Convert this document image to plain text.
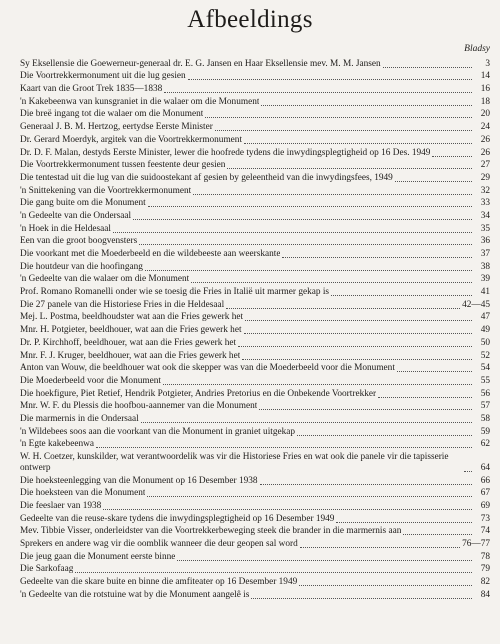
Afbeeldings
Bladsy
Sy Eksellensie die Goewerneur-generaal dr. E. G. Jansen en Haar Eksellensie mev. M. M. Jansen	3
Die Voortrekkermonument uit die lug gesien	14
Kaart van die Groot Trek 1835—1838	16
'n Kakebeenwa van kunsgraniet in die walaer om die Monument	18
Die breë ingang tot die walaer om die Monument	20
Generaal J. B. M. Hertzog, eertydse Eerste Minister	24
Dr. Gerard Moerdyk, argitek van die Voortrekkermonument	26
Dr. D. F. Malan, destyds Eerste Minister, lewer die hoofrede tydens die inwydingsplegtigheid op 16 Des. 1949	26
Die Voortrekkermonument tussen feestente deur gesien	27
Die tentestad uit die lug van die suidoostekant af gesien by geleentheid van die inwydingsfees, 1949	29
'n Snittekening van die Voortrekkermonument	32
Die gang buite om die Monument	33
'n Gedeelte van die Ondersaal	34
'n Hoek in die Heldesaal	35
Een van die groot boogvensters	36
Die voorkant met die Moederbeeld en die wildebeeste aan weerskante	37
Die houtdeur van die hoofingang	38
'n Gedeelte van die walaer om die Monument	39
Prof. Romano Romanelli onder wie se toesig die Fries in Italië uit marmer gekap is	41
Die 27 panele van die Historiese Fries in die Heldesaal	42—45
Mej. L. Postma, beeldhoudster wat aan die Fries gewerk het	47
Mnr. H. Potgieter, beeldhouer, wat aan die Fries gewerk het	49
Dr. P. Kirchhoff, beeldhouer, wat aan die Fries gewerk het	50
Mnr. F. J. Kruger, beeldhouer, wat aan die Fries gewerk het	52
Anton van Wouw, die beeldhouer wat ook die skepper was van die Moederbeeld voor die Monument	54
Die Moederbeeld voor die Monument	55
Die hoekfigure, Piet Retief, Hendrik Potgieter, Andries Pretorius en die Onbekende Voortrekker	56
Mnr. W. F. du Plessis die hoofbou-aannemer van die Monument	57
Die marmernis in die Ondersaal	58
'n Wildebees soos aan die voorkant van die Monument in graniet uitgekap	59
'n Egte kakebeenwa	62
W. H. Coetzer, kunskilder, wat verantwoordelik was vir die Historiese Fries en wat ook die panele vir die tapisserie ontwerp	64
Die hoeksteenlegging van die Monument op 16 Desember 1938	66
Die hoeksteen van die Monument	67
Die feeslaer van 1938	69
Gedeelte van die reuse-skare tydens die inwydingsplegtigheid op 16 Desember 1949	73
Mev. Tibbie Visser, onderleidster van die Voortrekkerbeweging steek die brander in die marmernis aan	74
Sprekers en andere wag vir die oomblik wanneer die deur geopen sal word	76—77
Die jeug gaan die Monument eerste binne	78
Die Sarkofaag	79
Gedeelte van die skare buite en binne die amfiteater op 16 Desember 1949	82
'n Gedeelte van die rotstuine wat by die Monument aangelê is	84
